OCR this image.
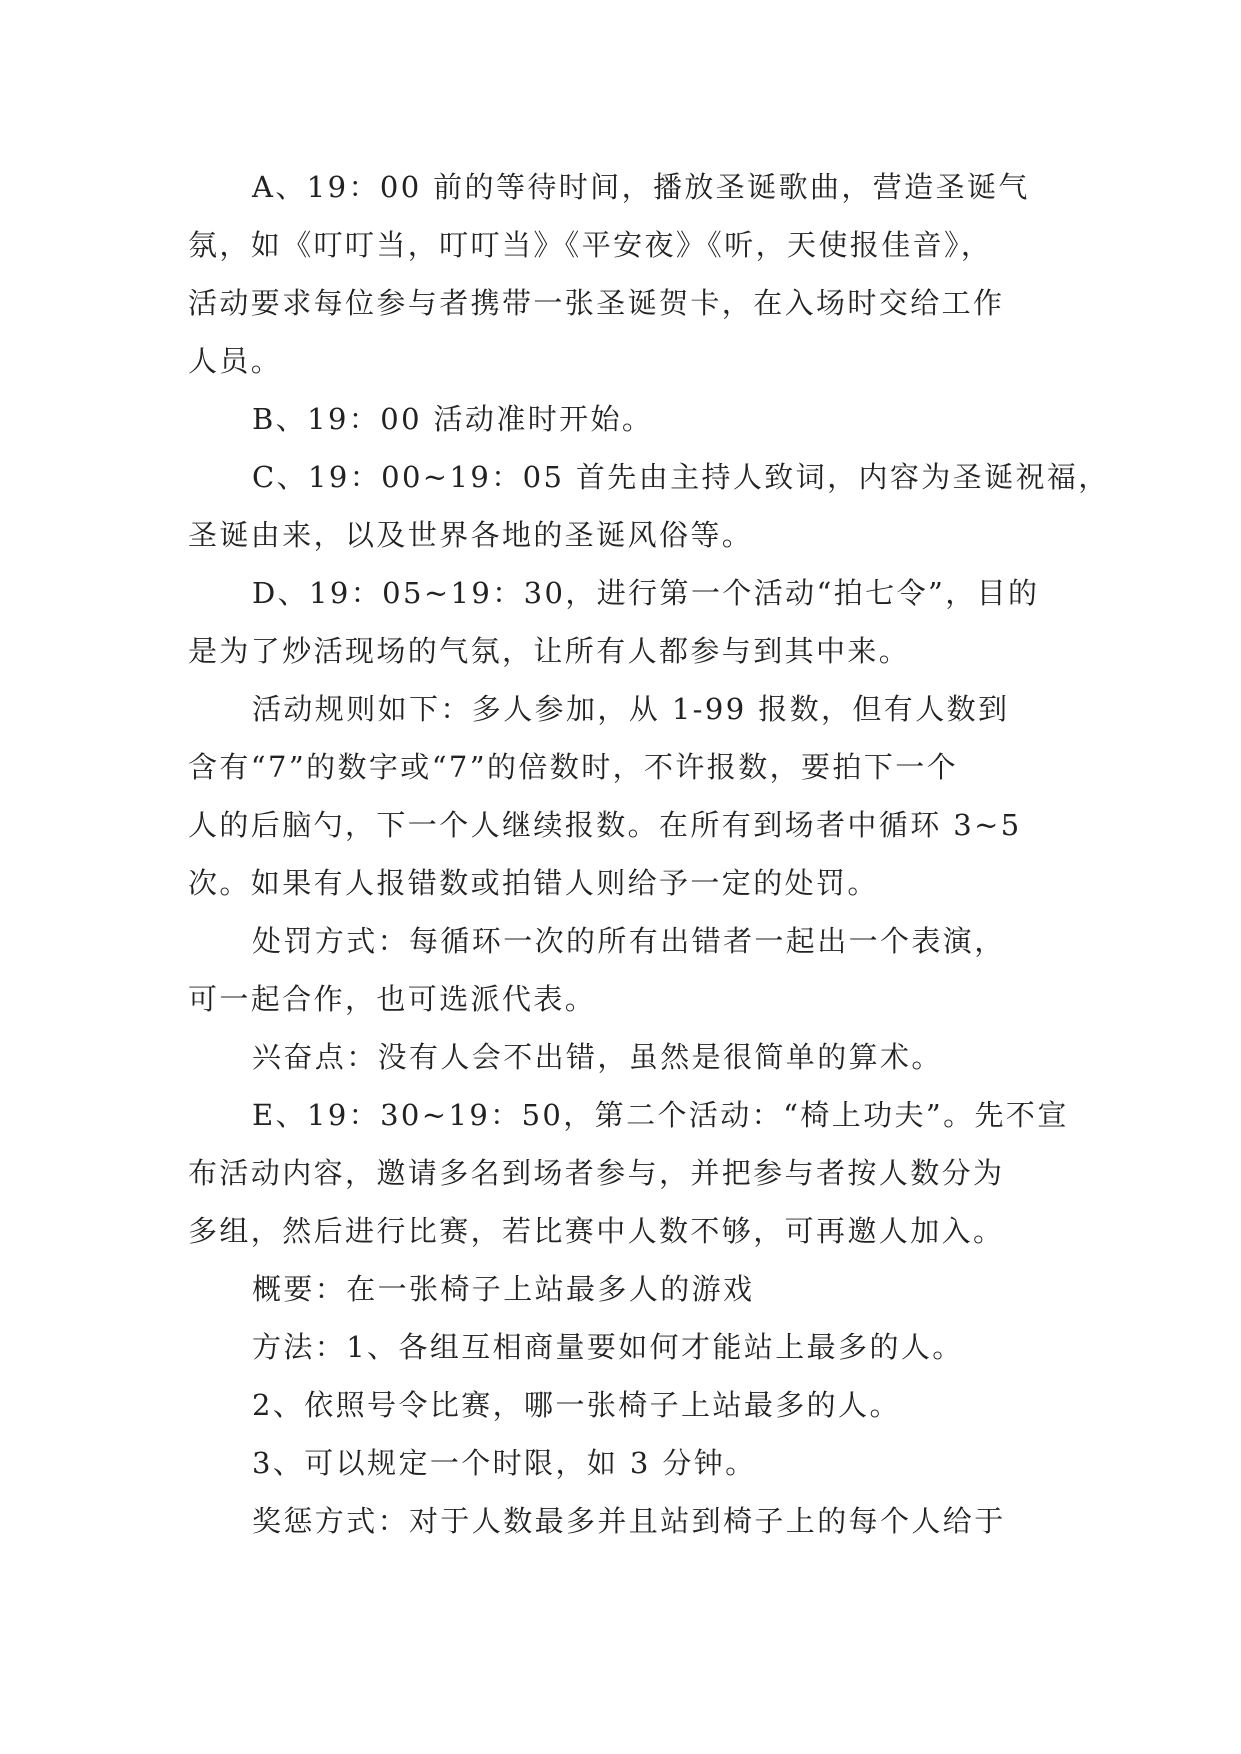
A、19：00 前的等待时间，播放圣诞歌曲，营造圣诞气
氛，如《叮叮当，叮叮当》《平安夜》《听，天使报佳音》，
活动要求每位参与者携带一张圣诞贺卡，在入场时交给工作
人员。
B、19：00 活动准时开始。
C、19：00~19：05 首先由主持人致词，内容为圣诞祝福，
圣诞由来，以及世界各地的圣诞风俗等。
D、19：05~19：30，进行第一个活动“拍七令”，目的
是为了炒活现场的气氛，让所有人都参与到其中来。
活动规则如下：多人参加，从 1-99 报数，但有人数到
含有“7”的数字或“7”的倍数时，不许报数，要拍下一个
人的后脑勺，下一个人继续报数。在所有到场者中循环 3~5
次。如果有人报错数或拍错人则给予一定的处罚。
处罚方式：每循环一次的所有出错者一起出一个表演，
可一起合作，也可选派代表。
兴奋点：没有人会不出错，虽然是很简单的算术。
E、19：30~19：50，第二个活动：“椅上功夫”。先不宣
布活动内容，邀请多名到场者参与，并把参与者按人数分为
多组，然后进行比赛，若比赛中人数不够，可再邀人加入。
概要：在一张椅子上站最多人的游戏
方法：1、各组互相商量要如何才能站上最多的人。
2、依照号令比赛，哪一张椅子上站最多的人。
3、可以规定一个时限，如 3 分钟。
奖惩方式：对于人数最多并且站到椅子上的每个人给于
